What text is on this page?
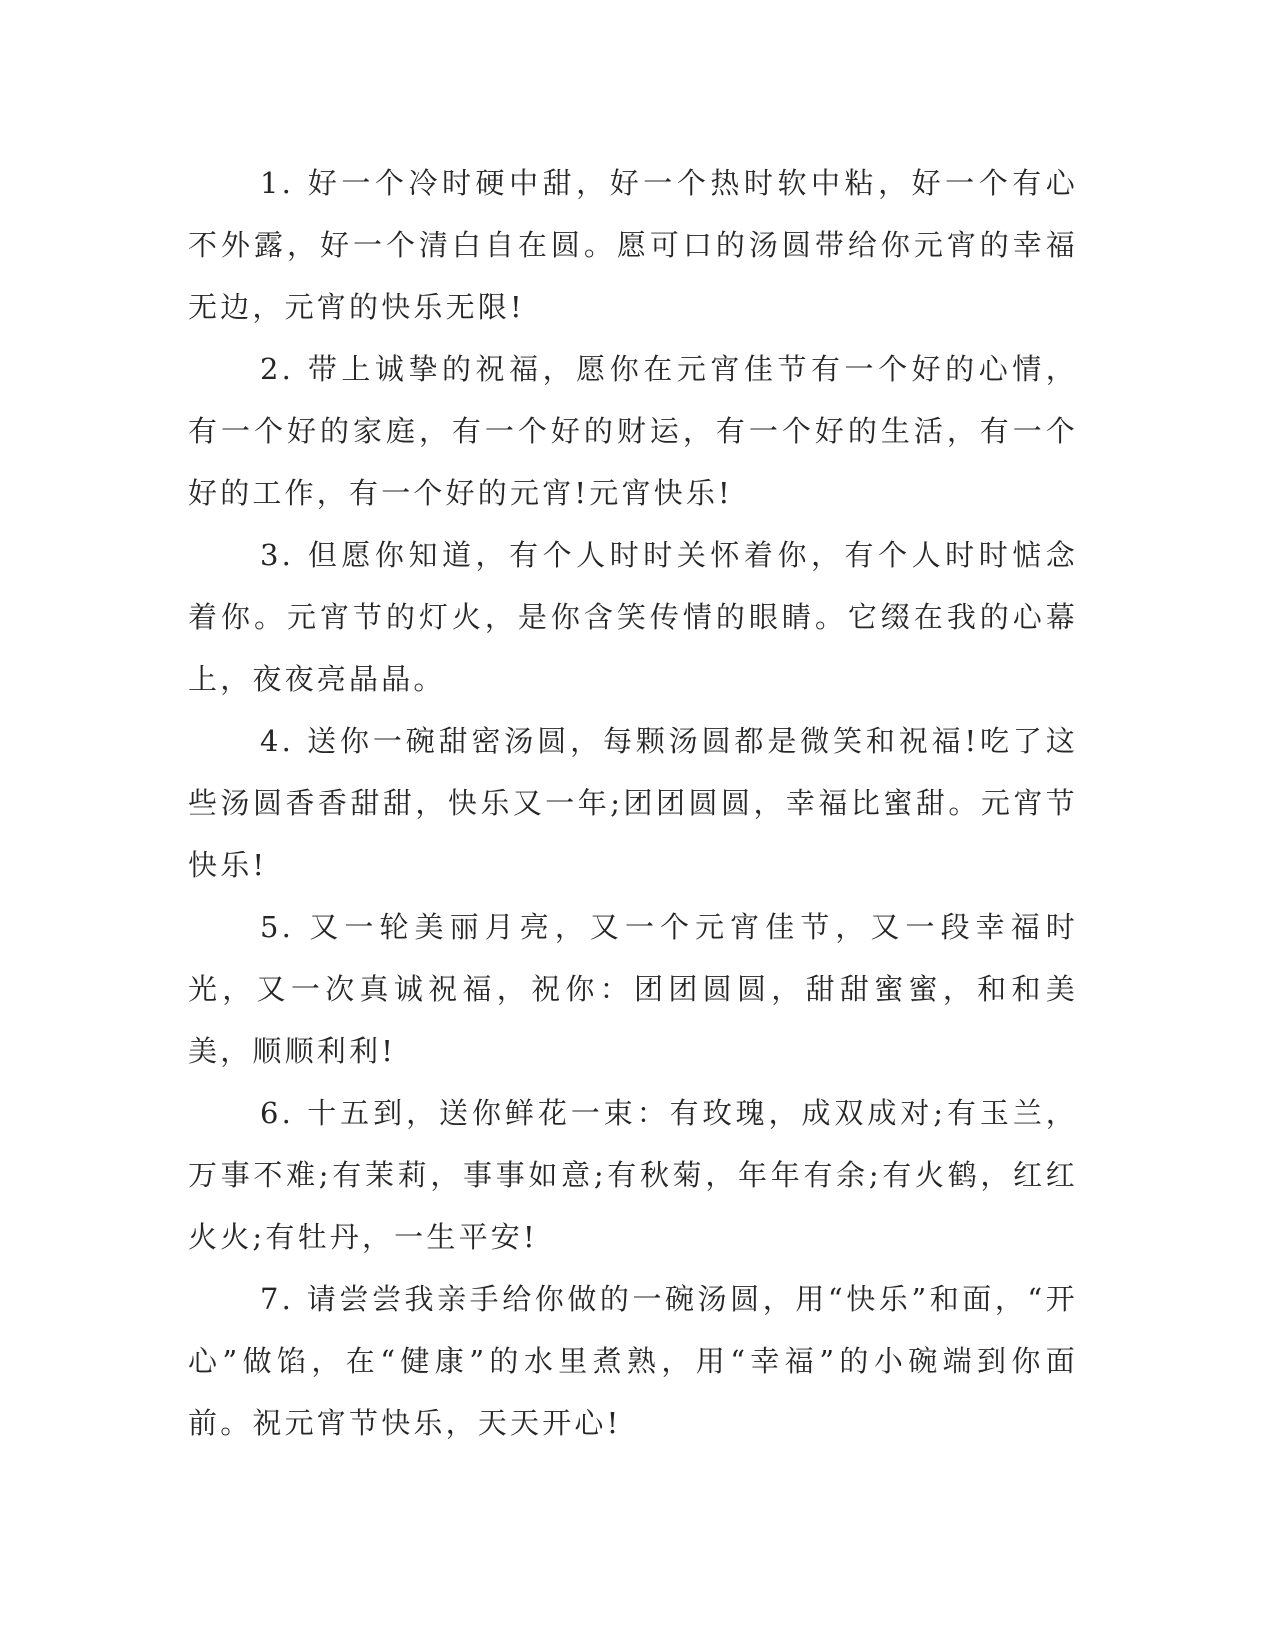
1. 好一个冷时硬中甜，好一个热时软中粘，好一个有心不外露，好一个清白自在圆。愿可口的汤圆带给你元宵的幸福无边，元宵的快乐无限!

2. 带上诚挚的祝福，愿你在元宵佳节有一个好的心情，有一个好的家庭，有一个好的财运，有一个好的生活，有一个好的工作，有一个好的元宵!元宵快乐!

3. 但愿你知道，有个人时时关怀着你，有个人时时惦念着你。元宵节的灯火，是你含笑传情的眼睛。它缀在我的心幕上，夜夜亮晶晶。

4. 送你一碗甜密汤圆，每颗汤圆都是微笑和祝福!吃了这些汤圆香香甜甜，快乐又一年;团团圆圆，幸福比蜜甜。元宵节快乐!

5. 又一轮美丽月亮，又一个元宵佳节，又一段幸福时光，又一次真诚祝福，祝你：团团圆圆，甜甜蜜蜜，和和美美，顺顺利利!

6. 十五到，送你鲜花一束：有玫瑰，成双成对;有玉兰，万事不难;有茉莉，事事如意;有秋菊，年年有余;有火鹤，红红火火;有牡丹，一生平安!

7. 请尝尝我亲手给你做的一碗汤圆，用“快乐”和面，“开心”做馅，在“健康”的水里煮熟，用“幸福”的小碗端到你面前。祝元宵节快乐，天天开心!
